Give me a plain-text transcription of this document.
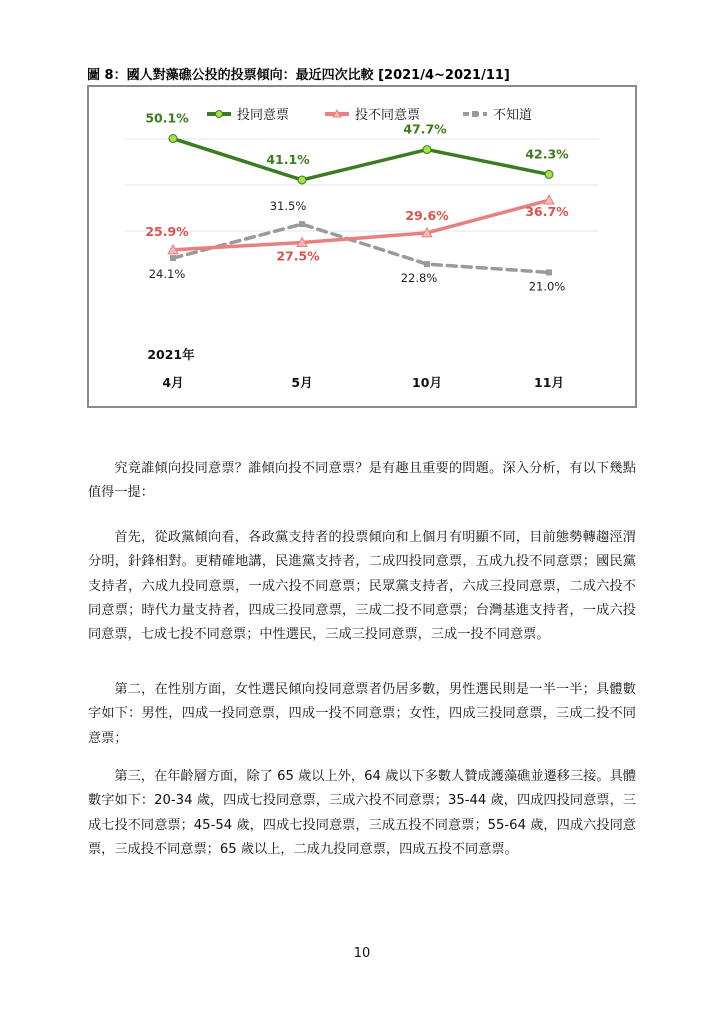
圖 8：國人對藻礁公投的投票傾向：最近四次比較 [2021/4~2021/11]
投同意票	投不同意票	不知道
50.1%
41.1%
47.7%
42.3%
25.9%
27.5%
29.6%	36.7%
24.1%
31.5%
22.8%
21.0%
2021年
4月	5月	10月	11月
究竟誰傾向投同意票？誰傾向投不同意票？是有趣且重要的問題。深入分析，有以下幾點值得一提：
首先，從政黨傾向看，各政黨支持者的投票傾向和上個月有明顯不同，目前態勢轉趨涇渭分明，針鋒相對。更精確地講，民進黨支持者，二成四投同意票，五成九投不同意票；國民黨支持者，六成九投同意票，一成六投不同意票；民眾黨支持者，六成三投同意票，二成六投不同意票；時代力量支持者，四成三投同意票，三成二投不同意票；台灣基進支持者，一成六投同意票，七成七投不同意票；中性選民，三成三投同意票，三成一投不同意票。
第二，在性別方面，女性選民傾向投同意票者仍居多數，男性選民則是一半一半；具體數字如下：男性，四成一投同意票，四成一投不同意票；女性，四成三投同意票，三成二投不同意票；
第三，在年齡層方面，除了 65 歲以上外，64 歲以下多數人贊成護藻礁並遷移三接。具體數字如下：20-34 歲，四成七投同意票，三成六投不同意票；35-44 歲，四成四投同意票，三成七投不同意票；45-54 歲，四成七投同意票，三成五投不同意票；55-64 歲，四成六投同意票，三成投不同意票；65 歲以上，二成九投同意票，四成五投不同意票。
10
